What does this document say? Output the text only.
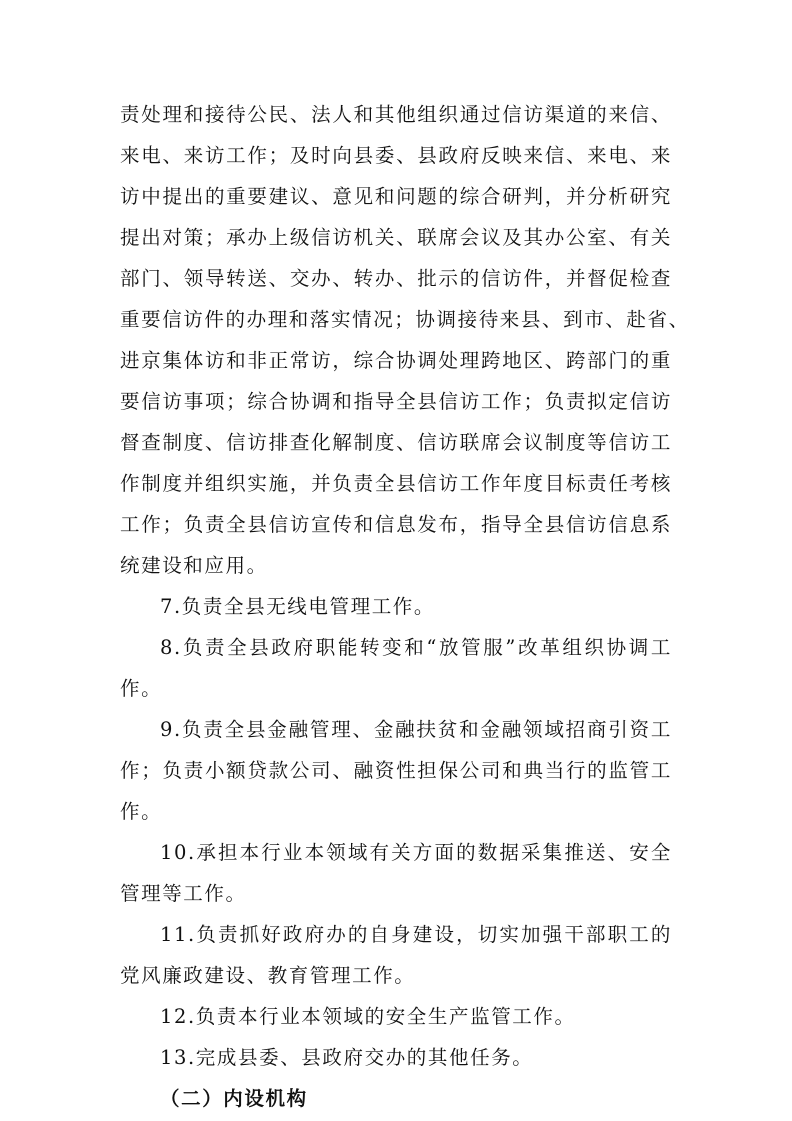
责处理和接待公民、法人和其他组织通过信访渠道的来信、
来电、来访工作；及时向县委、县政府反映来信、来电、来
访中提出的重要建议、意见和问题的综合研判，并分析研究
提出对策；承办上级信访机关、联席会议及其办公室、有关
部门、领导转送、交办、转办、批示的信访件，并督促检查
重要信访件的办理和落实情况；协调接待来县、到市、赴省、
进京集体访和非正常访，综合协调处理跨地区、跨部门的重
要信访事项；综合协调和指导全县信访工作；负责拟定信访
督查制度、信访排查化解制度、信访联席会议制度等信访工
作制度并组织实施，并负责全县信访工作年度目标责任考核
工作；负责全县信访宣传和信息发布，指导全县信访信息系
统建设和应用。
7.负责全县无线电管理工作。
8.负责全县政府职能转变和“放管服”改革组织协调工
作。
9.负责全县金融管理、金融扶贫和金融领域招商引资工
作；负责小额贷款公司、融资性担保公司和典当行的监管工
作。
10.承担本行业本领域有关方面的数据采集推送、安全
管理等工作。
11.负责抓好政府办的自身建设，切实加强干部职工的
党风廉政建设、教育管理工作。
12.负责本行业本领域的安全生产监管工作。
13.完成县委、县政府交办的其他任务。
（二）内设机构
